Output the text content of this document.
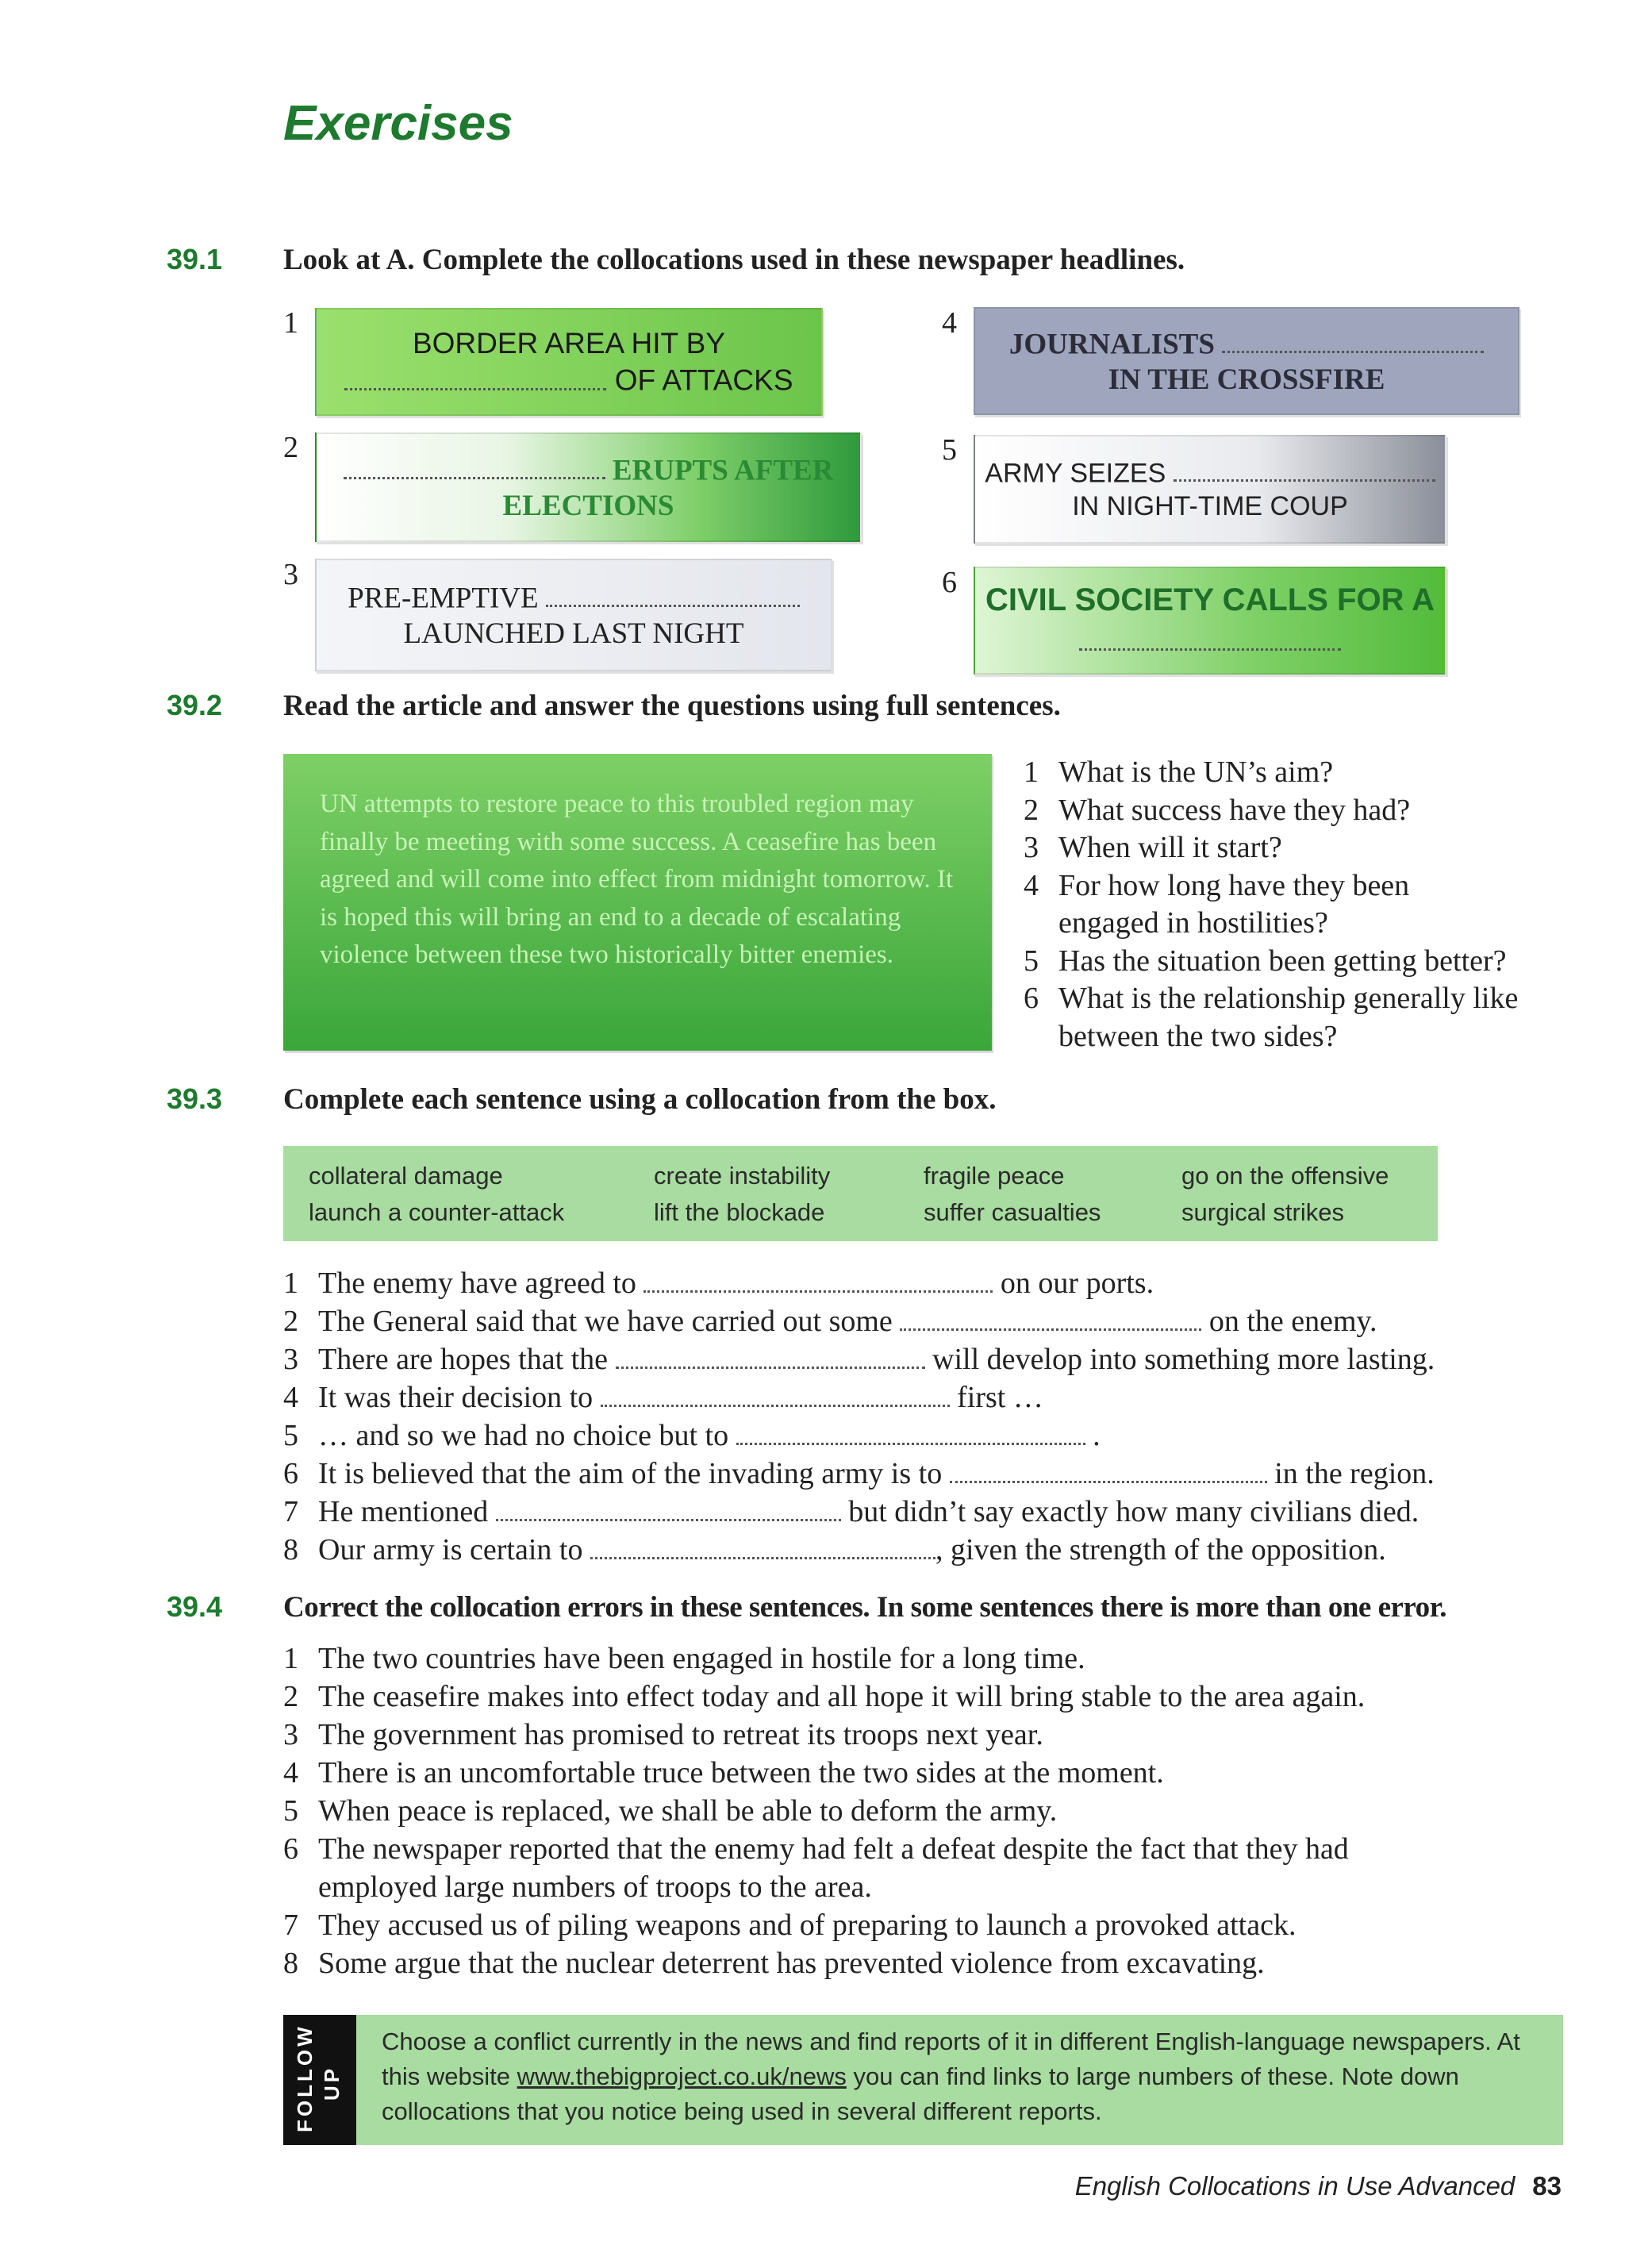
Exercises
39.1 Look at A. Complete the collocations used in these newspaper headlines.
1
BORDER AREA HIT BY
OF ATTACKS
2
ERUPTS AFTER
ELECTIONS
3
PRE-EMPTIVE
LAUNCHED LAST NIGHT
4
JOURNALISTS
IN THE CROSSFIRE
5
ARMY SEIZES
IN NIGHT-TIME COUP
6
CIVIL SOCIETY CALLS FOR A
39.2 Read the article and answer the questions using full sentences.
UN attempts to restore peace to this troubled region may finally be meeting with some success. A ceasefire has been agreed and will come into effect from midnight tomorrow. It is hoped this will bring an end to a decade of escalating violence between these two historically bitter enemies.
1 What is the UN’s aim?
2 What success have they had?
3 When will it start?
4 For how long have they been engaged in hostilities?
5 Has the situation been getting better?
6 What is the relationship generally like between the two sides?
39.3 Complete each sentence using a collocation from the box.
collateral damage	create instability	fragile peace	go on the offensive
launch a counter-attack	lift the blockade	suffer casualties	surgical strikes
1 The enemy have agreed to	on our ports.
2 The General said that we have carried out some	on the enemy.
3 There are hopes that the	will develop into something more lasting.
4 It was their decision to	first …
5 … and so we had no choice but to	.
6 It is believed that the aim of the invading army is to	in the region.
7 He mentioned	but didn’t say exactly how many civilians died.
8 Our army is certain to	, given the strength of the opposition.
39.4 Correct the collocation errors in these sentences. In some sentences there is more than one error.
1 The two countries have been engaged in hostile for a long time.
2 The ceasefire makes into effect today and all hope it will bring stable to the area again.
3 The government has promised to retreat its troops next year.
4 There is an uncomfortable truce between the two sides at the moment.
5 When peace is replaced, we shall be able to deform the army.
6 The newspaper reported that the enemy had felt a defeat despite the fact that they had
employed large numbers of troops to the area.
7 They accused us of piling weapons and of preparing to launch a provoked attack.
8 Some argue that the nuclear deterrent has prevented violence from excavating.
FOLLOW UP
Choose a conflict currently in the news and find reports of it in different English-language newspapers. At this website www.thebigproject.co.uk/news you can find links to large numbers of these. Note down collocations that you notice being used in several different reports.
English Collocations in Use Advanced 83
